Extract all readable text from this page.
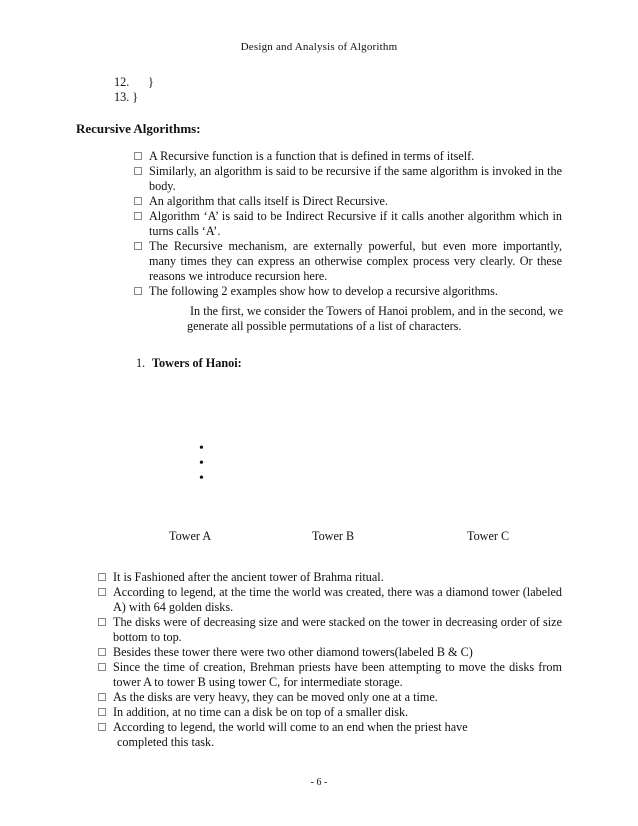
Design and Analysis of Algorithm
12. }
13. }
Recursive Algorithms:
A Recursive function is a function that is defined in terms of itself.
Similarly, an algorithm is said to be recursive if the same algorithm is invoked in the body.
An algorithm that calls itself is Direct Recursive.
Algorithm ‘A’ is said to be Indirect Recursive if it calls another algorithm which in turns calls ‘A’.
The Recursive mechanism, are externally powerful, but even more importantly, many times they can express an otherwise complex process very clearly. Or these reasons we introduce recursion here.
The following 2 examples show how to develop a recursive algorithms.
In the first, we consider the Towers of Hanoi problem, and in the second, we generate all possible permutations of a list of characters.
1. Towers of Hanoi:
•
•
•
Tower A	Tower B	Tower C
It is Fashioned after the ancient tower of Brahma ritual.
According to legend, at the time the world was created, there was a diamond tower (labeled A) with 64 golden disks.
The disks were of decreasing size and were stacked on the tower in decreasing order of size bottom to top.
Besides these tower there were two other diamond towers(labeled B & C)
Since the time of creation, Brehman priests have been attempting to move the disks from tower A to tower B using tower C, for intermediate storage.
As the disks are very heavy, they can be moved only one at a time.
In addition, at no time can a disk be on top of a smaller disk.
According to legend, the world will come to an end when the priest have
completed this task.
- 6 -
